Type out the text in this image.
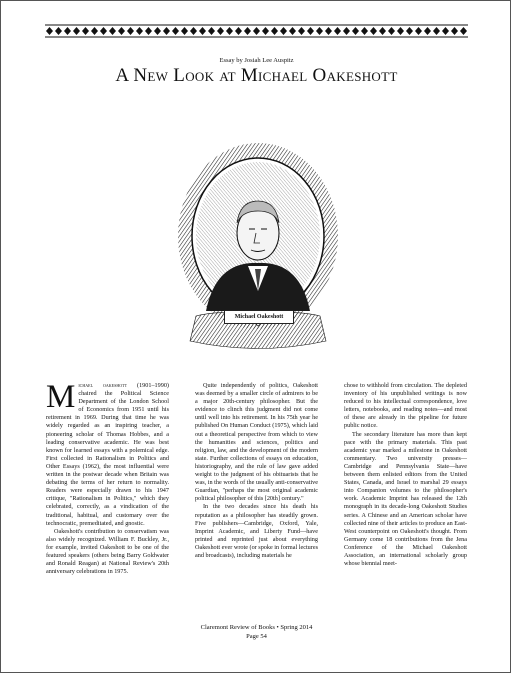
Essay by Josiah Lee Auspitz
A New Look at Michael Oakeshott
Michael Oakeshott

Michael oakeshott (1901–1990) chaired the Political Science Department of the London School of Economics from 1951 until his retirement in 1969. During that time he was widely regarded as an inspiring teacher, a pioneering scholar of Thomas Hobbes, and a leading conservative academic. He was best known for learned essays with a polemical edge. First collected in Rationalism in Politics and Other Essays (1962), the most influential were written in the postwar decade when Britain was debating the terms of her return to normality. Readers were especially drawn to his 1947 critique, "Rationalism in Politics," which they celebrated, correctly, as a vindication of the traditional, habitual, and customary over the technocratic, premeditated, and gnostic.

Oakeshott's contribution to conservatism was also widely recognized. William F. Buckley, Jr., for example, invited Oakeshott to be one of the featured speakers (others being Barry Goldwater and Ronald Reagan) at National Review's 20th anniversary celebrations in 1975.

Quite independently of politics, Oakeshott was deemed by a smaller circle of admirers to be a major 20th-century philosopher. But the evidence to clinch this judgment did not come until well into his retirement. In his 75th year he published On Human Conduct (1975), which laid out a theoretical perspective from which to view the humanities and sciences, politics and religion, law, and the development of the modern state. Further collections of essays on education, historiography, and the rule of law gave added weight to the judgment of his obituarists that he was, in the words of the usually anti-conservative Guardian, "perhaps the most original academic political philosopher of this [20th] century."

In the two decades since his death his reputation as a philosopher has steadily grown. Five publishers—Cambridge, Oxford, Yale, Imprint Academic, and Liberty Fund—have printed and reprinted just about everything Oakeshott ever wrote (or spoke in formal lectures and broadcasts), including materials he

chose to withhold from circulation. The depleted inventory of his unpublished writings is now reduced to his intellectual correspondence, love letters, notebooks, and reading notes—and most of these are already in the pipeline for future public notice.

The secondary literature has more than kept pace with the primary materials. This past academic year marked a milestone in Oakeshott commentary. Two university presses—Cambridge and Pennsylvania State—have between them enlisted editors from the United States, Canada, and Israel to marshal 29 essays into Companion volumes to the philosopher's work. Academic Imprint has released the 12th monograph in its decade-long Oakeshott Studies series. A Chinese and an American scholar have collected nine of their articles to produce an East-West counterpoint on Oakeshott's thought. From Germany come 18 contributions from the Jena Conference of the Michael Oakeshott Association, an international scholarly group whose biennial meet-

Claremont Review of Books • Spring 2014
Page 54
